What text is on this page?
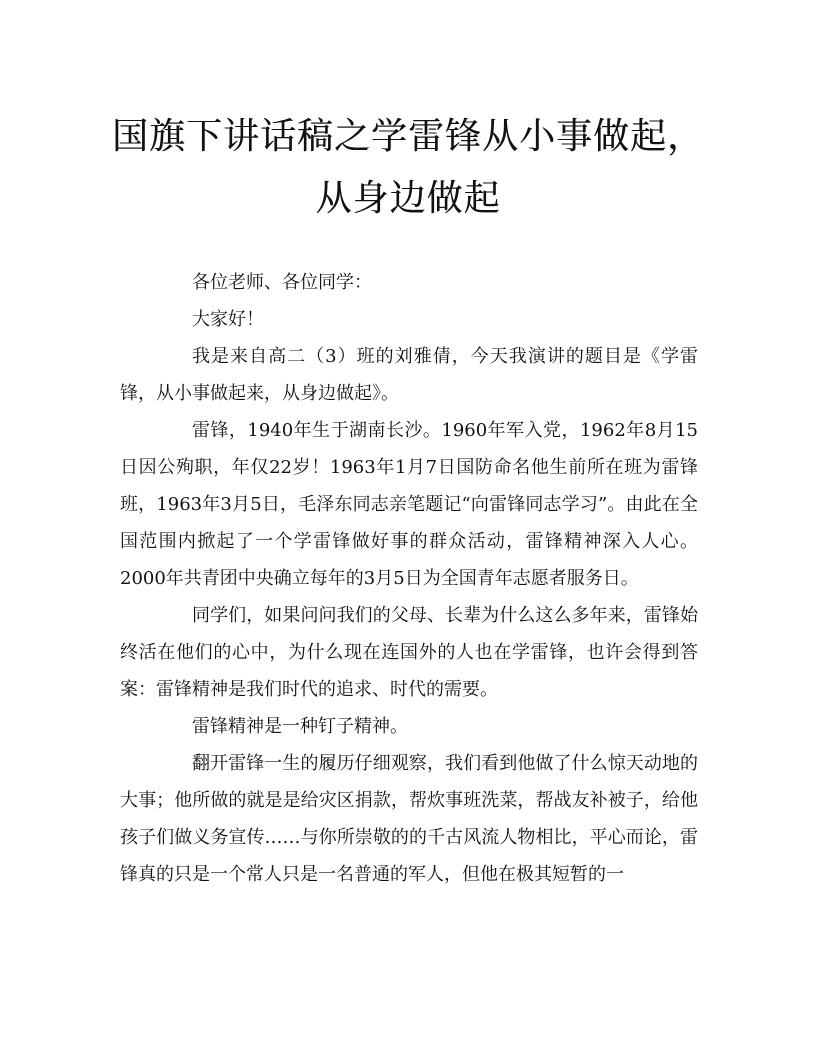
国旗下讲话稿之学雷锋从小事做起，从身边做起

各位老师、各位同学：

大家好！

我是来自高二（3）班的刘雅倩，今天我演讲的题目是《学雷锋，从小事做起来，从身边做起》。

雷锋，1940年生于湖南长沙。1960年军入党，1962年8月15日因公殉职，年仅22岁！1963年1月7日国防命名他生前所在班为雷锋班，1963年3月5日，毛泽东同志亲笔题记“向雷锋同志学习”。由此在全国范围内掀起了一个学雷锋做好事的群众活动，雷锋精神深入人心。2000年共青团中央确立每年的3月5日为全国青年志愿者服务日。

同学们，如果问问我们的父母、长辈为什么这么多年来，雷锋始终活在他们的心中，为什么现在连国外的人也在学雷锋，也许会得到答案：雷锋精神是我们时代的追求、时代的需要。

雷锋精神是一种钉子精神。

翻开雷锋一生的履历仔细观察，我们看到他做了什么惊天动地的大事；他所做的就是是给灾区捐款，帮炊事班洗菜，帮战友补被子，给他孩子们做义务宣传……与你所崇敬的的千古风流人物相比，平心而论，雷锋真的只是一个常人只是一名普通的军人，但他在极其短暂的一
